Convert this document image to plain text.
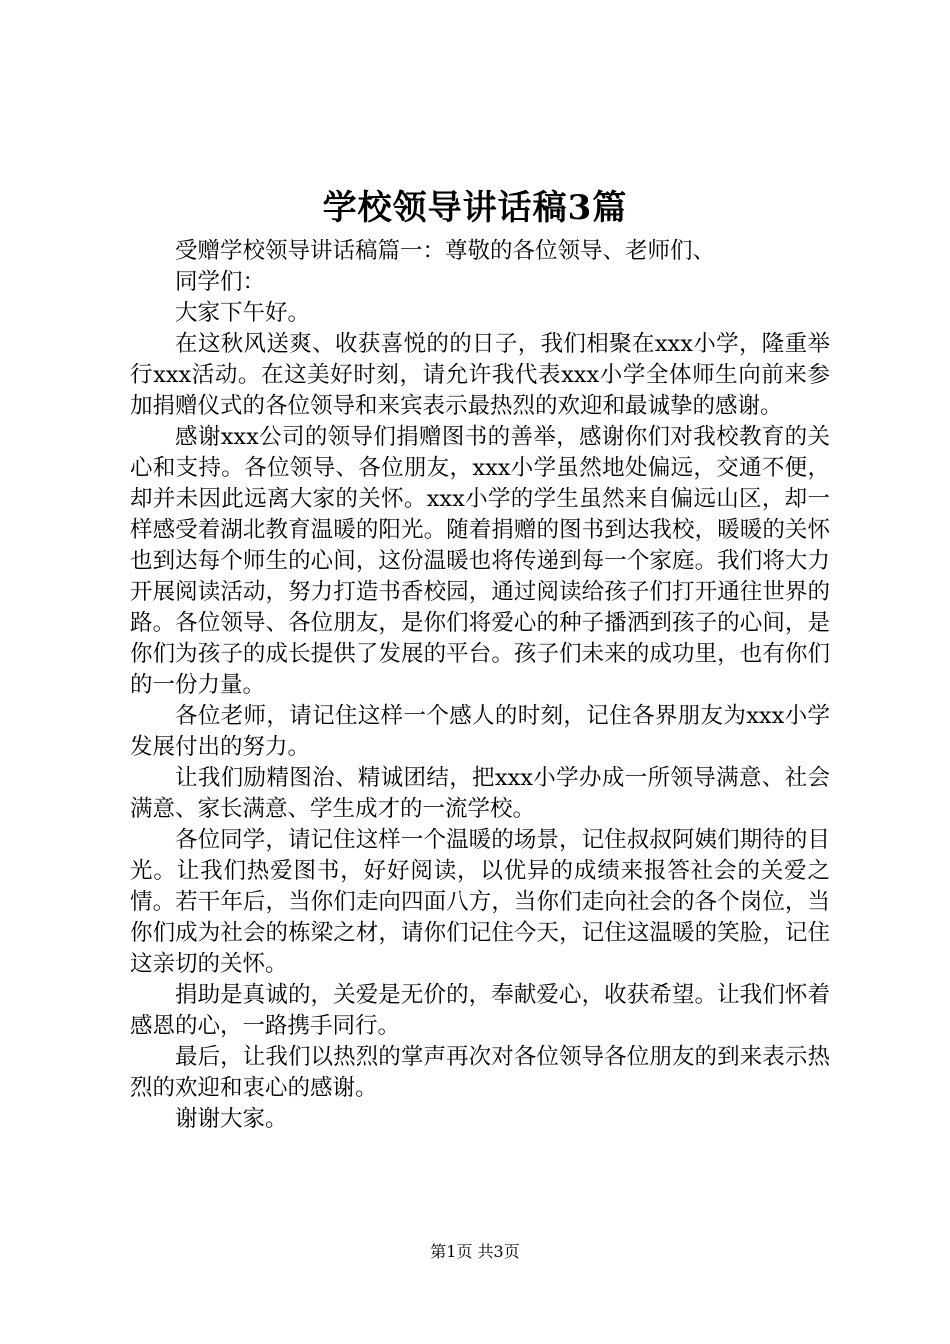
学校领导讲话稿3篇

受赠学校领导讲话稿篇一：尊敬的各位领导、老师们、

同学们：

大家下午好。

在这秋风送爽、收获喜悦的的日子，我们相聚在xxx小学，隆重举行xxx活动。在这美好时刻，请允许我代表xxx小学全体师生向前来参加捐赠仪式的各位领导和来宾表示最热烈的欢迎和最诚挚的感谢。

感谢xxx公司的领导们捐赠图书的善举，感谢你们对我校教育的关心和支持。各位领导、各位朋友，xxx小学虽然地处偏远，交通不便，却并未因此远离大家的关怀。xxx小学的学生虽然来自偏远山区，却一样感受着湖北教育温暖的阳光。随着捐赠的图书到达我校，暖暖的关怀也到达每个师生的心间，这份温暖也将传递到每一个家庭。我们将大力开展阅读活动，努力打造书香校园，通过阅读给孩子们打开通往世界的路。各位领导、各位朋友，是你们将爱心的种子播洒到孩子的心间，是你们为孩子的成长提供了发展的平台。孩子们未来的成功里，也有你们的一份力量。

各位老师，请记住这样一个感人的时刻，记住各界朋友为xxx小学发展付出的努力。

让我们励精图治、精诚团结，把xxx小学办成一所领导满意、社会满意、家长满意、学生成才的一流学校。

各位同学，请记住这样一个温暖的场景，记住叔叔阿姨们期待的目光。让我们热爱图书，好好阅读，以优异的成绩来报答社会的关爱之情。若干年后，当你们走向四面八方，当你们走向社会的各个岗位，当你们成为社会的栋梁之材，请你们记住今天，记住这温暖的笑脸，记住这亲切的关怀。

捐助是真诚的，关爱是无价的，奉献爱心，收获希望。让我们怀着感恩的心，一路携手同行。

最后，让我们以热烈的掌声再次对各位领导各位朋友的到来表示热烈的欢迎和衷心的感谢。

谢谢大家。

第1页 共3页
